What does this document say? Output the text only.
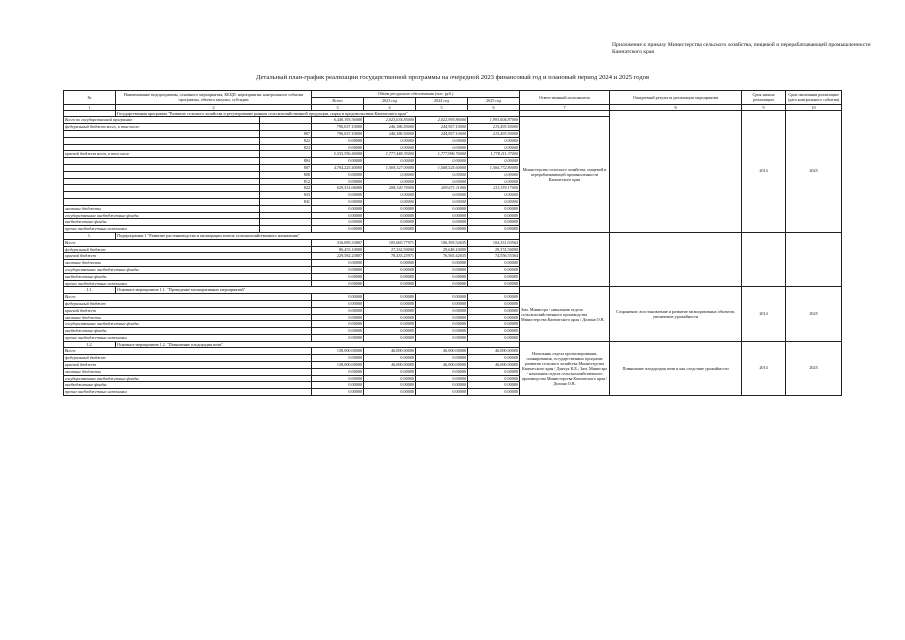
Приложение к приказу Министерства сельского хозяйства, пищевой и перерабатывающей промышленности Камчатского края
Детальный план-график реализации государственной программы на очередной 2023 финансовый год и плановый период 2024 и 2025 годов
№	Наименование подпрограммы, основного мероприятия, КБЦП, мероприятия, контрольного события программы, объекта закупки, субсидии		Объем ресурсного обеспечения (тыс. руб.)				Ответственный исполнитель	Ожидаемый результат реализации мероприятия	Срок начала реализации	Срок окончания реализации (дата контрольного события)
			Всего	2023 год	2024 год	2025 год				
1	2		3	4	5	6	7	8	9	10
	Государственная программа "Развитие сельского хозяйства и регулирование рынков сельскохозяйственной продукции, сырья и продовольствия Камчатского края"								2014	2025
Всего по государственной программе:			6,440,193.56000	2,023,634.85000	2,022,993.86000	1,993,604.87000	Министерство сельского хозяйства, пищевой и перерабатывающей промышленности Камчатского края			
федеральный бюджет всего, в том числе:			796,637.10000	246,186.50000	244,957.10000	215,493.50000				
		807	796,637.10000	246,186.50000	244,957.10000	215,493.50000				
		822	0.00000	0.00000	0.00000	0.00000				
		823	0.00000	0.00000	0.00000	0.00000				
краевой бюджет всего, в том числе			5,333,556.46000	1,777,448.35000	1,777,996.76000	1,778,111.37000				
		804	0.00000	0.00000	0.00000	0.00000				
		807	4,704,225.40000	1,569,327.00000	1,568,525.60000	1,566,772.80000				
		808	0.00000	0.00000	0.00000	0.00000				
		812	0.00000	0.00000	0.00000	0.00000				
		822	629,331.06000	208,320.70000	209,671.11000	211,339.17000				
		833	0.00000	0.00000	0.00000	0.00000				
		841	0.00000	0.00000	0.00000	0.00000				
местные бюджеты			0.00000	0.00000	0.00000	0.00000				
государственные внебюджетные фонды			0.00000	0.00000	0.00000	0.00000				
внебюджетные фонды			0.00000	0.00000	0.00000	0.00000				
прочие внебюджетные источники			0.00000	0.00000	0.00000	0.00000				
1.	Подпрограмма 1 "Развитие растениеводства и мелиорации земель сельскохозяйственного назначения"									
Всего:			316,095.33807	105,665.77971	106,393.52635	104,331.03564				
федеральный бюджет			86,453.10000	27,332.50000	29,648.10000	29,374.50000				
краевой бюджет			229,582.23807	78,433.25971	76,565.42635	74,556.55364				
местные бюджеты			0.00000	0.00000	0.00000	0.00000				
государственные внебюджетные фонды			0.00000	0.00000	0.00000	0.00000				
внебюджетные фонды			0.00000	0.00000	0.00000	0.00000				
прочие внебюджетные источники			0.00000	0.00000	0.00000	0.00000				
1.1.	Основное мероприятие 1.1. "Проведение мелиоративных мероприятий"						Зам. Министра - начальник отдела сельскохозяйственного производства Министерства Камчатского края / Долина О.В.	Сохранение, восстановление и развитие мелиоративных объектов, увеличение урожайности	2014	2025
Всего:			0.00000	0.00000	0.00000	0.00000				
федеральный бюджет			0.00000	0.00000	0.00000	0.00000				
краевой бюджет			0.00000	0.00000	0.00000	0.00000				
местные бюджеты			0.00000	0.00000	0.00000	0.00000				
государственные внебюджетные фонды			0.00000	0.00000	0.00000	0.00000				
внебюджетные фонды			0.00000	0.00000	0.00000	0.00000				
прочие внебюджетные источники			0.00000	0.00000	0.00000	0.00000				
1.2.	Основное мероприятие 1.2. "Повышение плодородия почв"						Начальник отдела прогнозирования, планирования, государственных программ развития сельского хозяйства Министерства Камчатского края / Дьячук К.Е.; Зам. Министра - начальник отдела сельскохозяйственного производства Министерства Камчатского края / Долина О.В.	Повышение плодородия почв и как следствие урожайности	2014	2025
Всего:			138,000.00000	46,000.00000	46,000.00000	46,000.00000				
федеральный бюджет			0.00000	0.00000	0.00000	0.00000				
краевой бюджет			138,000.00000	46,000.00000	46,000.00000	46,000.00000				
местные бюджеты			0.00000	0.00000	0.00000	0.00000				
государственные внебюджетные фонды			0.00000	0.00000	0.00000	0.00000				
внебюджетные фонды			0.00000	0.00000	0.00000	0.00000				
прочие внебюджетные источники			0.00000	0.00000	0.00000	0.00000				
